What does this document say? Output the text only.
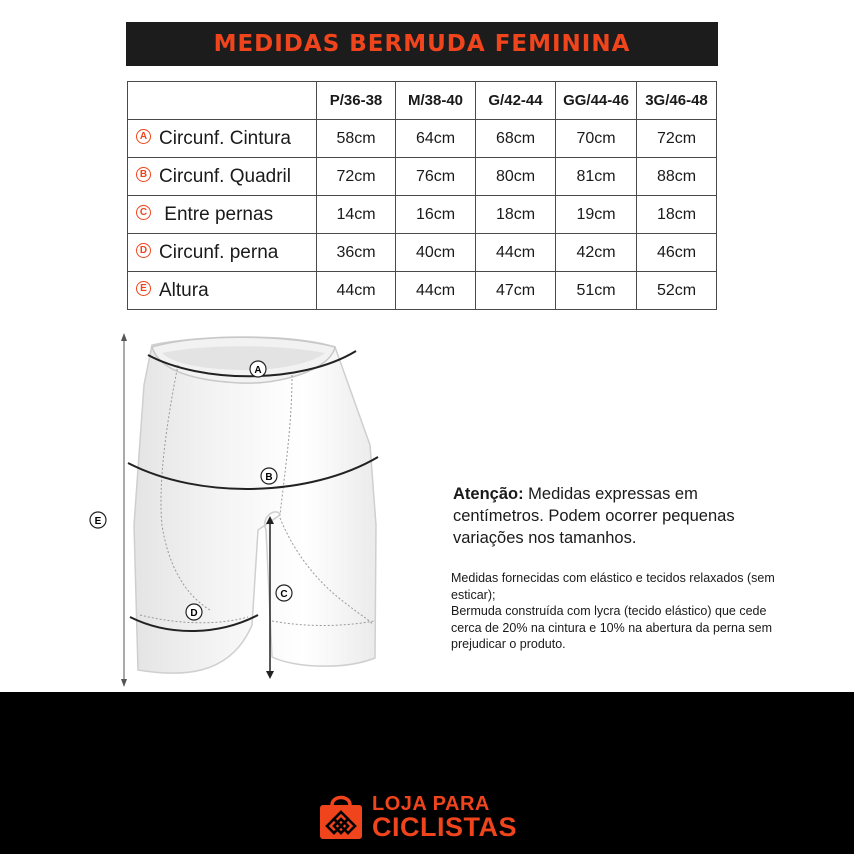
MEDIDAS BERMUDA FEMININA
	P/36-38	M/38-40	G/42-44	GG/44-46	3G/46-48
A Circunf. Cintura	58cm	64cm	68cm	70cm	72cm
B Circunf. Quadril	72cm	76cm	80cm	81cm	88cm
C Entre pernas	14cm	16cm	18cm	19cm	18cm
D Circunf. perna	36cm	40cm	44cm	42cm	46cm
E Altura	44cm	44cm	47cm	51cm	52cm
A
B
C
D
E
Atenção: Medidas expressas em centímetros. Podem ocorrer pequenas variações nos tamanhos.
Medidas fornecidas com elástico e tecidos relaxados (sem esticar);
Bermuda construída com lycra (tecido elástico) que cede cerca de 20% na cintura e 10% na abertura da perna sem prejudicar o produto.
LOJA PARA
CICLISTAS
